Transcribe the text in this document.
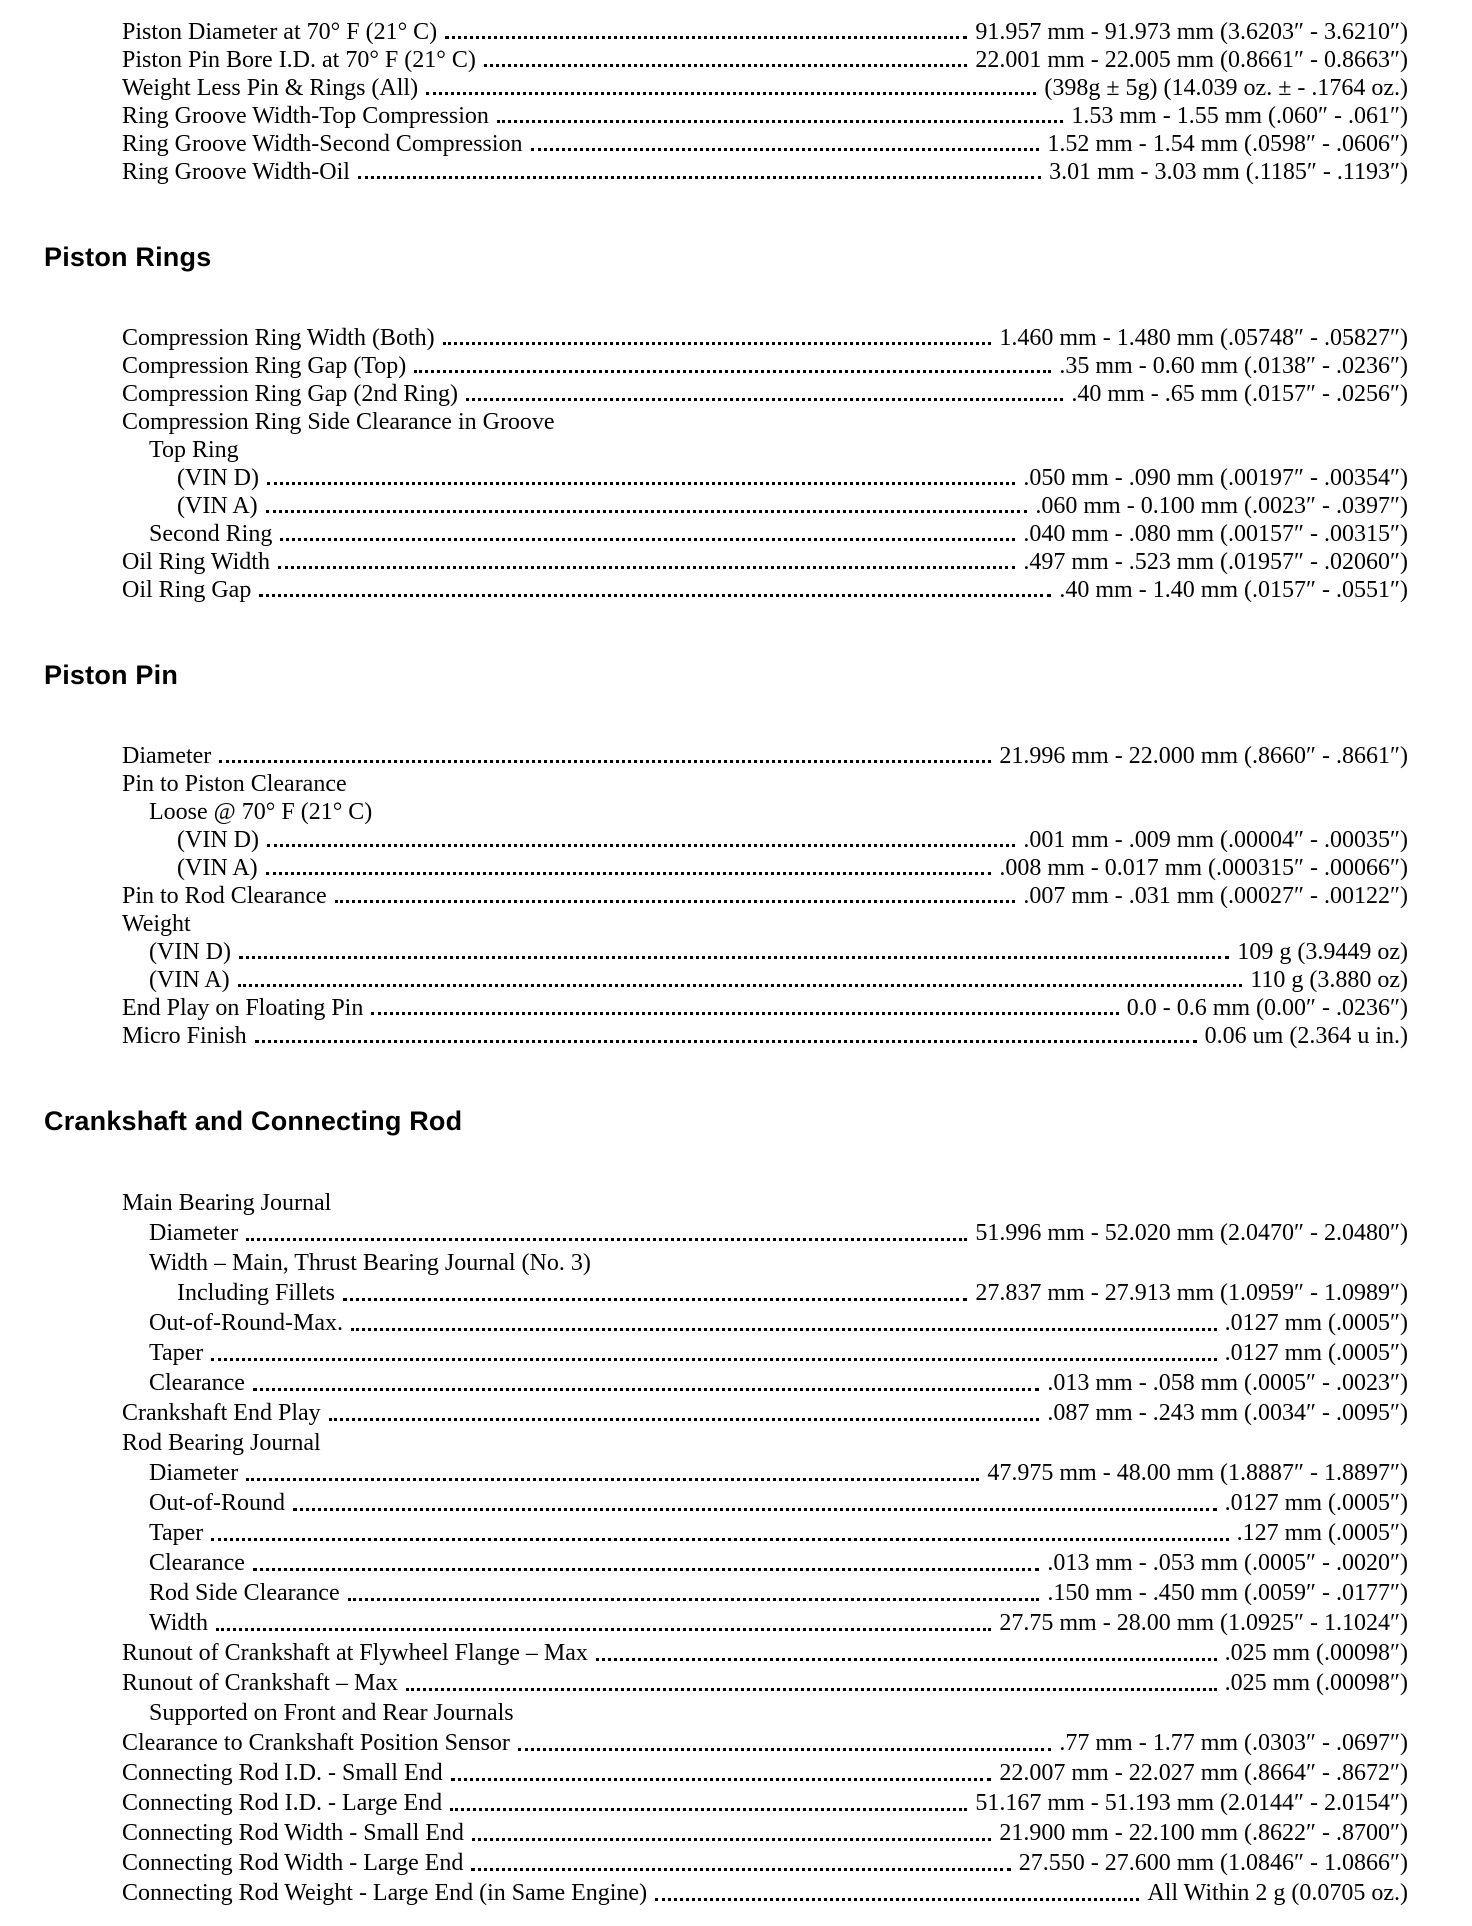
Piston Diameter at 70° F (21° C)	91.957 mm - 91.973 mm (3.6203″ - 3.6210″)
Piston Pin Bore I.D. at 70° F (21° C)	22.001 mm - 22.005 mm (0.8661″ - 0.8663″)
Weight Less Pin & Rings (All)	(398g ± 5g) (14.039 oz. ± - .1764 oz.)
Ring Groove Width-Top Compression	1.53 mm - 1.55 mm (.060″ - .061″)
Ring Groove Width-Second Compression	1.52 mm - 1.54 mm (.0598″ - .0606″)
Ring Groove Width-Oil	3.01 mm - 3.03 mm (.1185″ - .1193″)
Piston Rings
Compression Ring Width (Both)	1.460 mm - 1.480 mm (.05748″ - .05827″)
Compression Ring Gap (Top)	.35 mm - 0.60 mm (.0138″ - .0236″)
Compression Ring Gap (2nd Ring)	.40 mm - .65 mm (.0157″ - .0256″)
Compression Ring Side Clearance in Groove
Top Ring
(VIN D)	.050 mm - .090 mm (.00197″ - .00354″)
(VIN A)	.060 mm - 0.100 mm (.0023″ - .0397″)
Second Ring	.040 mm - .080 mm (.00157″ - .00315″)
Oil Ring Width	.497 mm - .523 mm (.01957″ - .02060″)
Oil Ring Gap	.40 mm - 1.40 mm (.0157″ - .0551″)
Piston Pin
Diameter	21.996 mm - 22.000 mm (.8660″ - .8661″)
Pin to Piston Clearance
Loose @ 70° F (21° C)
(VIN D)	.001 mm - .009 mm (.00004″ - .00035″)
(VIN A)	.008 mm - 0.017 mm (.000315″ - .00066″)
Pin to Rod Clearance	.007 mm - .031 mm (.00027″ - .00122″)
Weight
(VIN D)	109 g (3.9449 oz)
(VIN A)	110 g (3.880 oz)
End Play on Floating Pin	0.0 - 0.6 mm (0.00″ - .0236″)
Micro Finish	0.06 um (2.364 u in.)
Crankshaft and Connecting Rod
Main Bearing Journal
Diameter	51.996 mm - 52.020 mm (2.0470″ - 2.0480″)
Width – Main, Thrust Bearing Journal (No. 3)
Including Fillets	27.837 mm - 27.913 mm (1.0959″ - 1.0989″)
Out-of-Round-Max.	.0127 mm (.0005″)
Taper	.0127 mm (.0005″)
Clearance	.013 mm - .058 mm (.0005″ - .0023″)
Crankshaft End Play	.087 mm - .243 mm (.0034″ - .0095″)
Rod Bearing Journal
Diameter	47.975 mm - 48.00 mm (1.8887″ - 1.8897″)
Out-of-Round	.0127 mm (.0005″)
Taper	.127 mm (.0005″)
Clearance	.013 mm - .053 mm (.0005″ - .0020″)
Rod Side Clearance	.150 mm - .450 mm (.0059″ - .0177″)
Width	27.75 mm - 28.00 mm (1.0925″ - 1.1024″)
Runout of Crankshaft at Flywheel Flange – Max	.025 mm (.00098″)
Runout of Crankshaft – Max	.025 mm (.00098″)
Supported on Front and Rear Journals
Clearance to Crankshaft Position Sensor	.77 mm - 1.77 mm (.0303″ - .0697″)
Connecting Rod I.D. - Small End	22.007 mm - 22.027 mm (.8664″ - .8672″)
Connecting Rod I.D. - Large End	51.167 mm - 51.193 mm (2.0144″ - 2.0154″)
Connecting Rod Width - Small End	21.900 mm - 22.100 mm (.8622″ - .8700″)
Connecting Rod Width - Large End	27.550 - 27.600 mm (1.0846″ - 1.0866″)
Connecting Rod Weight - Large End (in Same Engine)	All Within 2 g (0.0705 oz.)
